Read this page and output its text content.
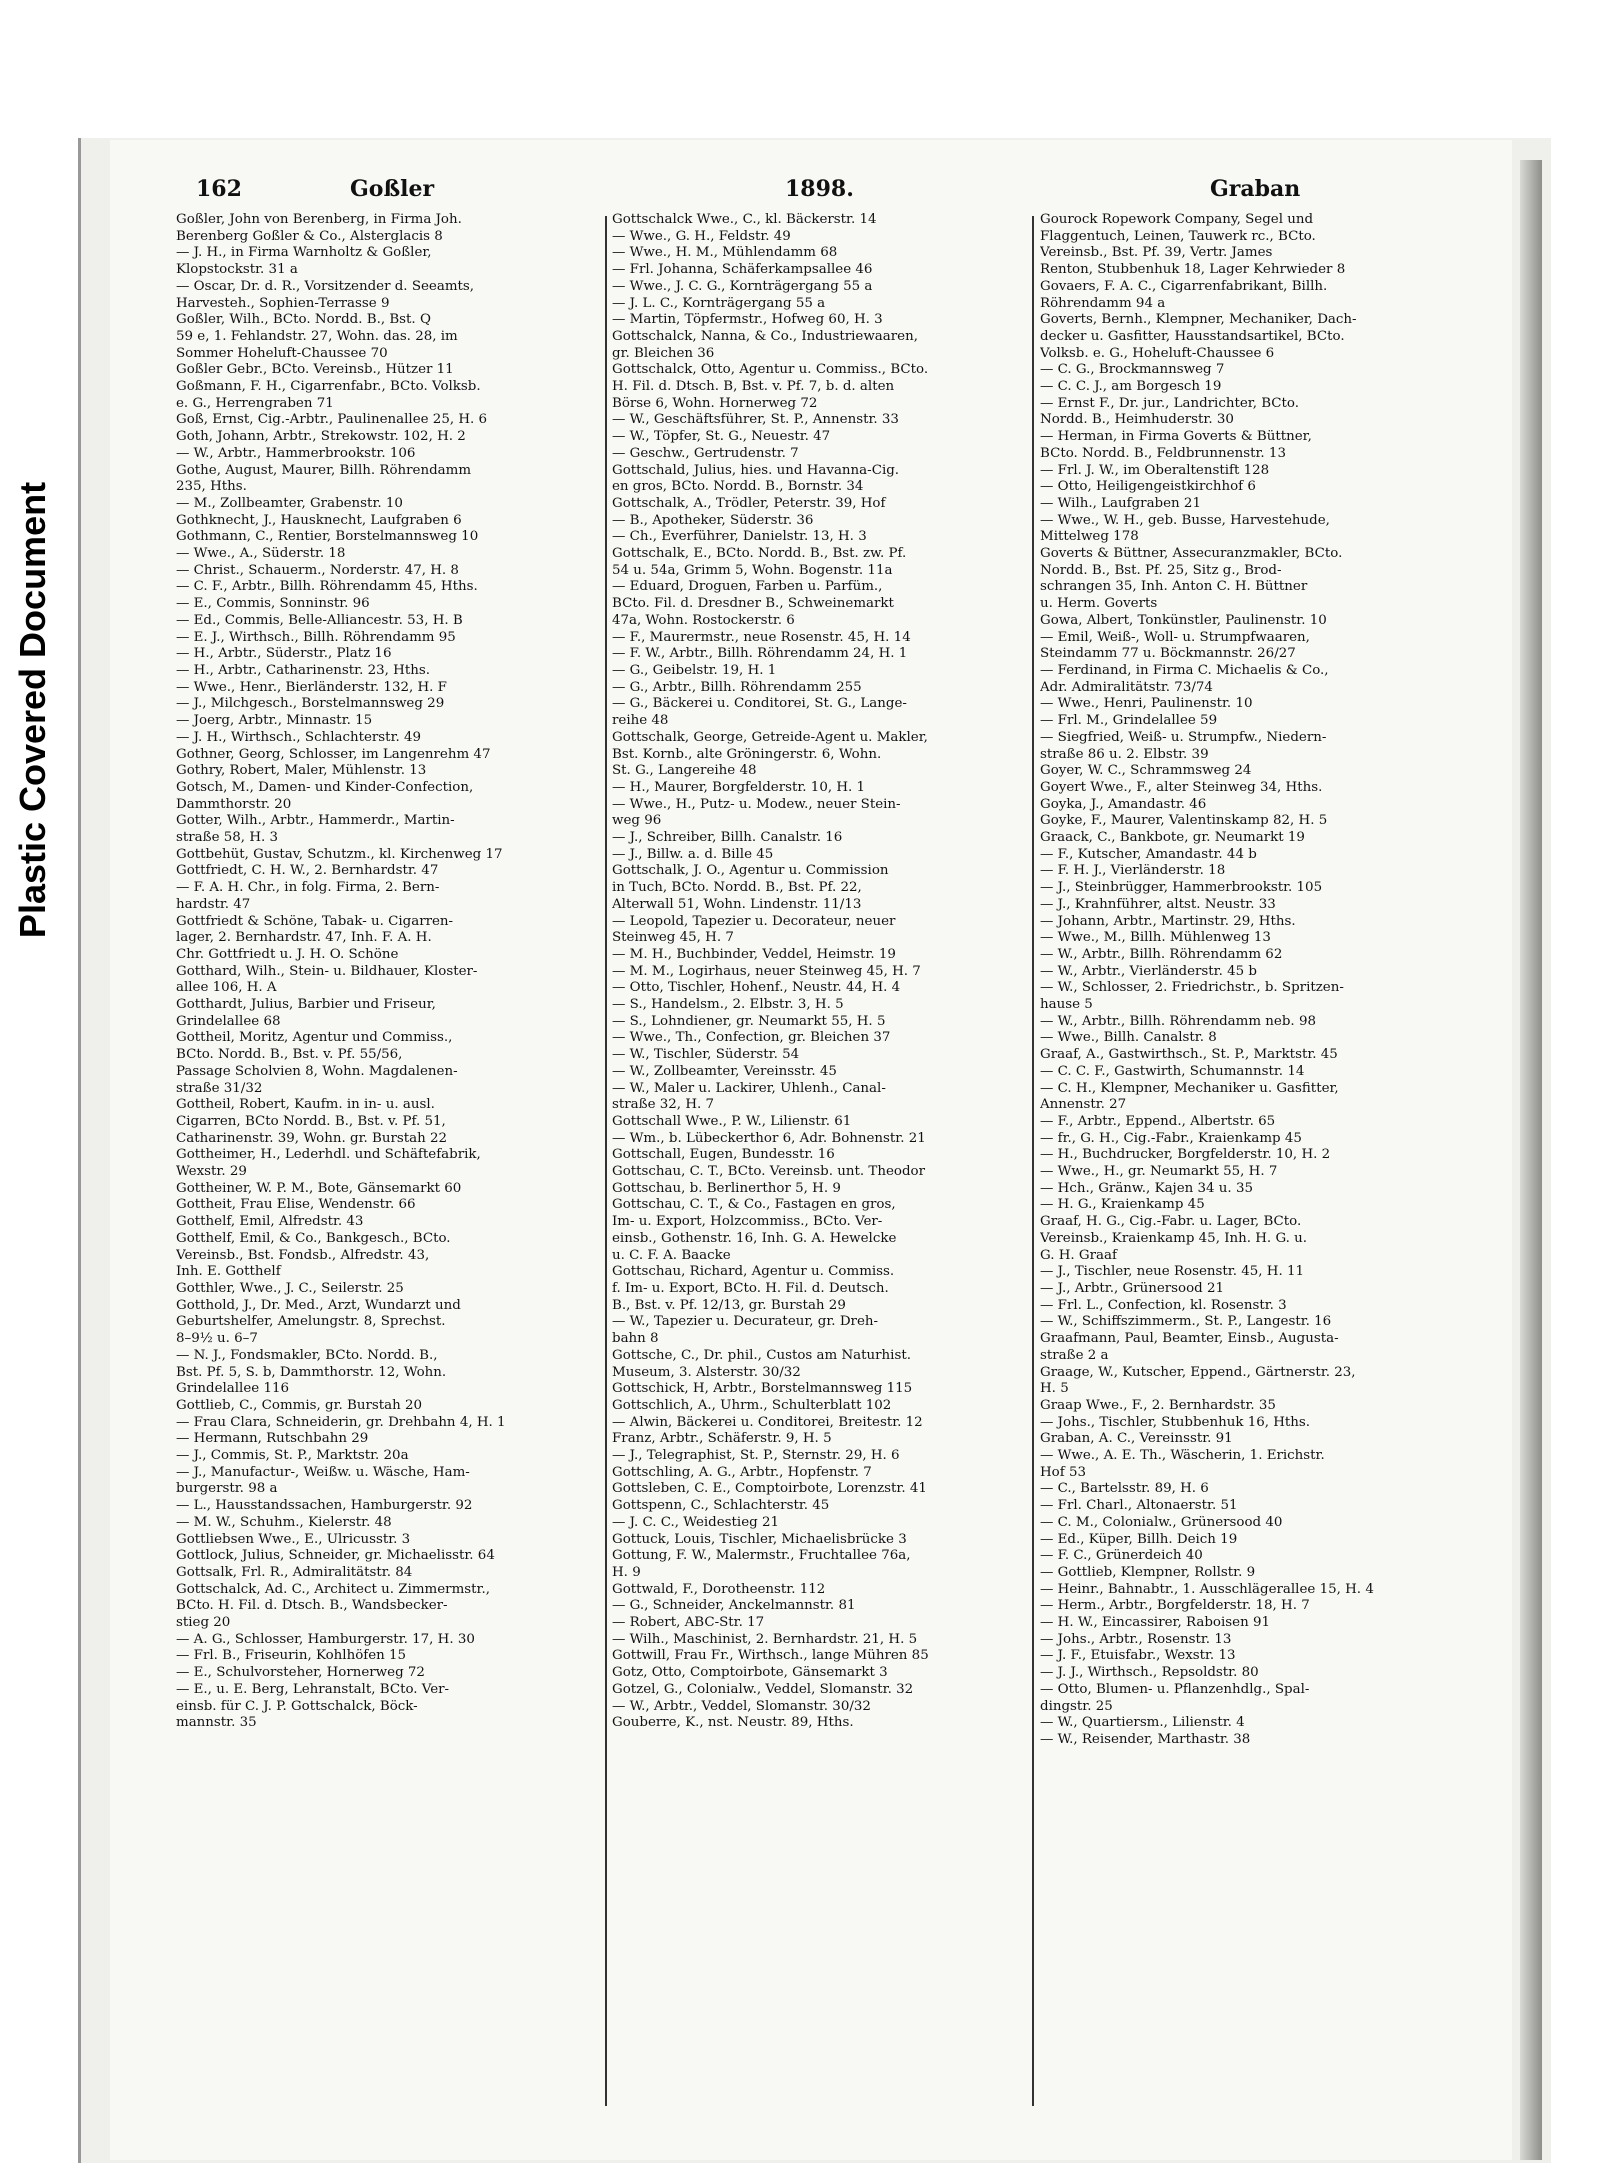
Plastic Covered Document
162	Goßler	1898.	Graban

Goßler, John von Berenberg, in Firma Joh.

Berenberg Goßler & Co., Alsterglacis 8

— J. H., in Firma Warnholtz & Goßler,

Klopstockstr. 31 a

— Oscar, Dr. d. R., Vorsitzender d. Seeamts,

Harvesteh., Sophien-Terrasse 9

Goßler, Wilh., BCto. Nordd. B., Bst. Q

59 e, 1. Fehlandstr. 27, Wohn. das. 28, im

Sommer Hoheluft-Chaussee 70

Goßler Gebr., BCto. Vereinsb., Hützer 11

Goßmann, F. H., Cigarrenfabr., BCto. Volksb.

e. G., Herrengraben 71

Goß, Ernst, Cig.-Arbtr., Paulinenallee 25, H. 6

Goth, Johann, Arbtr., Strekowstr. 102, H. 2

— W., Arbtr., Hammerbrookstr. 106

Gothe, August, Maurer, Billh. Röhrendamm

235, Hths.

— M., Zollbeamter, Grabenstr. 10

Gothknecht, J., Hausknecht, Laufgraben 6

Gothmann, C., Rentier, Borstelmannsweg 10

— Wwe., A., Süderstr. 18

— Christ., Schauerm., Norderstr. 47, H. 8

— C. F., Arbtr., Billh. Röhrendamm 45, Hths.

— E., Commis, Sonninstr. 96

— Ed., Commis, Belle-Alliancestr. 53, H. B

— E. J., Wirthsch., Billh. Röhrendamm 95

— H., Arbtr., Süderstr., Platz 16

— H., Arbtr., Catharinenstr. 23, Hths.

— Wwe., Henr., Bierländerstr. 132, H. F

— J., Milchgesch., Borstelmannsweg 29

— Joerg, Arbtr., Minnastr. 15

— J. H., Wirthsch., Schlachterstr. 49

Gothner, Georg, Schlosser, im Langenrehm 47

Gothry, Robert, Maler, Mühlenstr. 13

Gotsch, M., Damen- und Kinder-Confection,

Dammthorstr. 20

Gotter, Wilh., Arbtr., Hammerdr., Martin-

straße 58, H. 3

Gottbehüt, Gustav, Schutzm., kl. Kirchenweg 17

Gottfriedt, C. H. W., 2. Bernhardstr. 47

— F. A. H. Chr., in folg. Firma, 2. Bern-

hardstr. 47

Gottfriedt & Schöne, Tabak- u. Cigarren-

lager, 2. Bernhardstr. 47, Inh. F. A. H.

Chr. Gottfriedt u. J. H. O. Schöne

Gotthard, Wilh., Stein- u. Bildhauer, Kloster-

allee 106, H. A

Gotthardt, Julius, Barbier und Friseur,

Grindelallee 68

Gottheil, Moritz, Agentur und Commiss.,

BCto. Nordd. B., Bst. v. Pf. 55/56,

Passage Scholvien 8, Wohn. Magdalenen-

straße 31/32

Gottheil, Robert, Kaufm. in in- u. ausl.

Cigarren, BCto Nordd. B., Bst. v. Pf. 51,

Catharinenstr. 39, Wohn. gr. Burstah 22

Gottheimer, H., Lederhdl. und Schäftefabrik,

Wexstr. 29

Gottheiner, W. P. M., Bote, Gänsemarkt 60

Gottheit, Frau Elise, Wendenstr. 66

Gotthelf, Emil, Alfredstr. 43

Gotthelf, Emil, & Co., Bankgesch., BCto.

Vereinsb., Bst. Fondsb., Alfredstr. 43,

Inh. E. Gotthelf

Gotthler, Wwe., J. C., Seilerstr. 25

Gotthold, J., Dr. Med., Arzt, Wundarzt und

Geburtshelfer, Amelungstr. 8, Sprechst.

8–9½ u. 6–7

— N. J., Fondsmakler, BCto. Nordd. B.,

Bst. Pf. 5, S. b, Dammthorstr. 12, Wohn.

Grindelallee 116

Gottlieb, C., Commis, gr. Burstah 20

— Frau Clara, Schneiderin, gr. Drehbahn 4, H. 1

— Hermann, Rutschbahn 29

— J., Commis, St. P., Marktstr. 20a

— J., Manufactur-, Weißw. u. Wäsche, Ham-

burgerstr. 98 a

— L., Hausstandssachen, Hamburgerstr. 92

— M. W., Schuhm., Kielerstr. 48

Gottliebsen Wwe., E., Ulricusstr. 3

Gottlock, Julius, Schneider, gr. Michaelisstr. 64

Gottsalk, Frl. R., Admiralitätstr. 84

Gottschalck, Ad. C., Architect u. Zimmermstr.,

BCto. H. Fil. d. Dtsch. B., Wandsbecker-

stieg 20

— A. G., Schlosser, Hamburgerstr. 17, H. 30

— Frl. B., Friseurin, Kohlhöfen 15

— E., Schulvorsteher, Hornerweg 72

— E., u. E. Berg, Lehranstalt, BCto. Ver-

einsb. für C. J. P. Gottschalck, Böck-

mannstr. 35

Gottschalck Wwe., C., kl. Bäckerstr. 14

— Wwe., G. H., Feldstr. 49

— Wwe., H. M., Mühlendamm 68

— Frl. Johanna, Schäferkampsallee 46

— Wwe., J. C. G., Kornträgergang 55 a

— J. L. C., Kornträgergang 55 a

— Martin, Töpfermstr., Hofweg 60, H. 3

Gottschalck, Nanna, & Co., Industriewaaren,

gr. Bleichen 36

Gottschalck, Otto, Agentur u. Commiss., BCto.

H. Fil. d. Dtsch. B, Bst. v. Pf. 7, b. d. alten

Börse 6, Wohn. Hornerweg 72

— W., Geschäftsführer, St. P., Annenstr. 33

— W., Töpfer, St. G., Neuestr. 47

— Geschw., Gertrudenstr. 7

Gottschald, Julius, hies. und Havanna-Cig.

en gros, BCto. Nordd. B., Bornstr. 34

Gottschalk, A., Trödler, Peterstr. 39, Hof

— B., Apotheker, Süderstr. 36

— Ch., Everführer, Danielstr. 13, H. 3

Gottschalk, E., BCto. Nordd. B., Bst. zw. Pf.

54 u. 54a, Grimm 5, Wohn. Bogenstr. 11a

— Eduard, Droguen, Farben u. Parfüm.,

BCto. Fil. d. Dresdner B., Schweinemarkt

47a, Wohn. Rostockerstr. 6

— F., Maurermstr., neue Rosenstr. 45, H. 14

— F. W., Arbtr., Billh. Röhrendamm 24, H. 1

— G., Geibelstr. 19, H. 1

— G., Arbtr., Billh. Röhrendamm 255

— G., Bäckerei u. Conditorei, St. G., Lange-

reihe 48

Gottschalk, George, Getreide-Agent u. Makler,

Bst. Kornb., alte Gröningerstr. 6, Wohn.

St. G., Langereihe 48

— H., Maurer, Borgfelderstr. 10, H. 1

— Wwe., H., Putz- u. Modew., neuer Stein-

weg 96

— J., Schreiber, Billh. Canalstr. 16

— J., Billw. a. d. Bille 45

Gottschalk, J. O., Agentur u. Commission

in Tuch, BCto. Nordd. B., Bst. Pf. 22,

Alterwall 51, Wohn. Lindenstr. 11/13

— Leopold, Tapezier u. Decorateur, neuer

Steinweg 45, H. 7

— M. H., Buchbinder, Veddel, Heimstr. 19

— M. M., Logirhaus, neuer Steinweg 45, H. 7

— Otto, Tischler, Hohenf., Neustr. 44, H. 4

— S., Handelsm., 2. Elbstr. 3, H. 5

— S., Lohndiener, gr. Neumarkt 55, H. 5

— Wwe., Th., Confection, gr. Bleichen 37

— W., Tischler, Süderstr. 54

— W., Zollbeamter, Vereinsstr. 45

— W., Maler u. Lackirer, Uhlenh., Canal-

straße 32, H. 7

Gottschall Wwe., P. W., Lilienstr. 61

— Wm., b. Lübeckerthor 6, Adr. Bohnenstr. 21

Gottschall, Eugen, Bundesstr. 16

Gottschau, C. T., BCto. Vereinsb. unt. Theodor

Gottschau, b. Berlinerthor 5, H. 9

Gottschau, C. T., & Co., Fastagen en gros,

Im- u. Export, Holzcommiss., BCto. Ver-

einsb., Gothenstr. 16, Inh. G. A. Hewelcke

u. C. F. A. Baacke

Gottschau, Richard, Agentur u. Commiss.

f. Im- u. Export, BCto. H. Fil. d. Deutsch.

B., Bst. v. Pf. 12/13, gr. Burstah 29

— W., Tapezier u. Decurateur, gr. Dreh-

bahn 8

Gottsche, C., Dr. phil., Custos am Naturhist.

Museum, 3. Alsterstr. 30/32

Gottschick, H, Arbtr., Borstelmannsweg 115

Gottschlich, A., Uhrm., Schulterblatt 102

— Alwin, Bäckerei u. Conditorei, Breitestr. 12

Franz, Arbtr., Schäferstr. 9, H. 5

— J., Telegraphist, St. P., Sternstr. 29, H. 6

Gottschling, A. G., Arbtr., Hopfenstr. 7

Gottsleben, C. E., Comptoirbote, Lorenzstr. 41

Gottspenn, C., Schlachterstr. 45

— J. C. C., Weidestieg 21

Gottuck, Louis, Tischler, Michaelisbrücke 3

Gottung, F. W., Malermstr., Fruchtallee 76a,

H. 9

Gottwald, F., Dorotheenstr. 112

— G., Schneider, Anckelmannstr. 81

— Robert, ABC-Str. 17

— Wilh., Maschinist, 2. Bernhardstr. 21, H. 5

Gottwill, Frau Fr., Wirthsch., lange Mühren 85

Gotz, Otto, Comptoirbote, Gänsemarkt 3

Gotzel, G., Colonialw., Veddel, Slomanstr. 32

— W., Arbtr., Veddel, Slomanstr. 30/32

Gouberre, K., nst. Neustr. 89, Hths.

Gourock Ropework Company, Segel und

Flaggentuch, Leinen, Tauwerk rc., BCto.

Vereinsb., Bst. Pf. 39, Vertr. James

Renton, Stubbenhuk 18, Lager Kehrwieder 8

Govaers, F. A. C., Cigarrenfabrikant, Billh.

Röhrendamm 94 a

Goverts, Bernh., Klempner, Mechaniker, Dach-

decker u. Gasfitter, Hausstandsartikel, BCto.

Volksb. e. G., Hoheluft-Chaussee 6

— C. G., Brockmannsweg 7

— C. C. J., am Borgesch 19

— Ernst F., Dr. jur., Landrichter, BCto.

Nordd. B., Heimhuderstr. 30

— Herman, in Firma Goverts & Büttner,

BCto. Nordd. B., Feldbrunnenstr. 13

— Frl. J. W., im Oberaltenstift 128

— Otto, Heiligengeistkirchhof 6

— Wilh., Laufgraben 21

— Wwe., W. H., geb. Busse, Harvestehude,

Mittelweg 178

Goverts & Büttner, Assecuranzmakler, BCto.

Nordd. B., Bst. Pf. 25, Sitz g., Brod-

schrangen 35, Inh. Anton C. H. Büttner

u. Herm. Goverts

Gowa, Albert, Tonkünstler, Paulinenstr. 10

— Emil, Weiß-, Woll- u. Strumpfwaaren,

Steindamm 77 u. Böckmannstr. 26/27

— Ferdinand, in Firma C. Michaelis & Co.,

Adr. Admiralitätstr. 73/74

— Wwe., Henri, Paulinenstr. 10

— Frl. M., Grindelallee 59

— Siegfried, Weiß- u. Strumpfw., Niedern-

straße 86 u. 2. Elbstr. 39

Goyer, W. C., Schrammsweg 24

Goyert Wwe., F., alter Steinweg 34, Hths.

Goyka, J., Amandastr. 46

Goyke, F., Maurer, Valentinskamp 82, H. 5

Graack, C., Bankbote, gr. Neumarkt 19

— F., Kutscher, Amandastr. 44 b

— F. H. J., Vierländerstr. 18

— J., Steinbrügger, Hammerbrookstr. 105

— J., Krahnführer, altst. Neustr. 33

— Johann, Arbtr., Martinstr. 29, Hths.

— Wwe., M., Billh. Mühlenweg 13

— W., Arbtr., Billh. Röhrendamm 62

— W., Arbtr., Vierländerstr. 45 b

— W., Schlosser, 2. Friedrichstr., b. Spritzen-

hause 5

— W., Arbtr., Billh. Röhrendamm neb. 98

— Wwe., Billh. Canalstr. 8

Graaf, A., Gastwirthsch., St. P., Marktstr. 45

— C. C. F., Gastwirth, Schumannstr. 14

— C. H., Klempner, Mechaniker u. Gasfitter,

Annenstr. 27

— F., Arbtr., Eppend., Albertstr. 65

— fr., G. H., Cig.-Fabr., Kraienkamp 45

— H., Buchdrucker, Borgfelderstr. 10, H. 2

— Wwe., H., gr. Neumarkt 55, H. 7

— Hch., Gränw., Kajen 34 u. 35

— H. G., Kraienkamp 45

Graaf, H. G., Cig.-Fabr. u. Lager, BCto.

Vereinsb., Kraienkamp 45, Inh. H. G. u.

G. H. Graaf

— J., Tischler, neue Rosenstr. 45, H. 11

— J., Arbtr., Grünersood 21

— Frl. L., Confection, kl. Rosenstr. 3

— W., Schiffszimmerm., St. P., Langestr. 16

Graafmann, Paul, Beamter, Einsb., Augusta-

straße 2 a

Graage, W., Kutscher, Eppend., Gärtnerstr. 23,

H. 5

Graap Wwe., F., 2. Bernhardstr. 35

— Johs., Tischler, Stubbenhuk 16, Hths.

Graban, A. C., Vereinsstr. 91

— Wwe., A. E. Th., Wäscherin, 1. Erichstr.

Hof 53

— C., Bartelsstr. 89, H. 6

— Frl. Charl., Altonaerstr. 51

— C. M., Colonialw., Grünersood 40

— Ed., Küper, Billh. Deich 19

— F. C., Grünerdeich 40

— Gottlieb, Klempner, Rollstr. 9

— Heinr., Bahnabtr., 1. Ausschlägerallee 15, H. 4

— Herm., Arbtr., Borgfelderstr. 18, H. 7

— H. W., Eincassirer, Raboisen 91

— Johs., Arbtr., Rosenstr. 13

— J. F., Etuisfabr., Wexstr. 13

— J. J., Wirthsch., Repsoldstr. 80

— Otto, Blumen- u. Pflanzenhdlg., Spal-

dingstr. 25

— W., Quartiersm., Lilienstr. 4

— W., Reisender, Marthastr. 38
